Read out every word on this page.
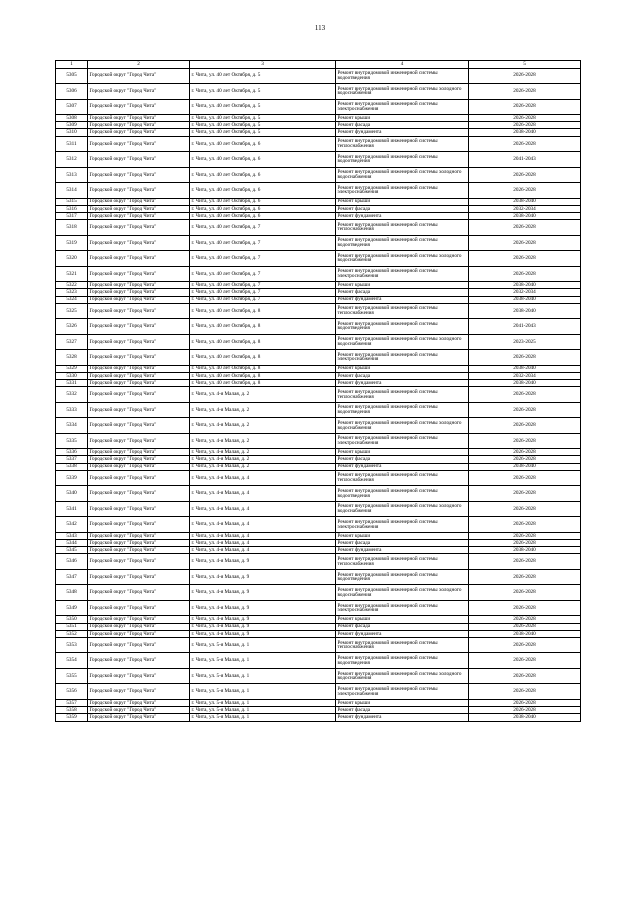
113
1	2	3	4	5
5305	Городской округ "Город Чита"	г. Чита, ул. 40 лет Октября, д. 5	Ремонт внутридомовой инженерной системы водоотведения	2026-2028
5306	Городской округ "Город Чита"	г. Чита, ул. 40 лет Октября, д. 5	Ремонт внутридомовой инженерной системы холодного водоснабжения	2026-2028
5307	Городской округ "Город Чита"	г. Чита, ул. 40 лет Октября, д. 5	Ремонт внутридомовой инженерной системы электроснабжения	2026-2028
5308	Городской округ "Город Чита"	г. Чита, ул. 40 лет Октября, д. 5	Ремонт крыши	2026-2028
5309	Городской округ "Город Чита"	г. Чита, ул. 40 лет Октября, д. 5	Ремонт фасада	2026-2028
5310	Городской округ "Город Чита"	г. Чита, ул. 40 лет Октября, д. 5	Ремонт фундамента	2038-2040
5311	Городской округ "Город Чита"	г. Чита, ул. 40 лет Октября, д. 6	Ремонт внутридомовой инженерной системы теплоснабжения	2026-2028
5312	Городской округ "Город Чита"	г. Чита, ул. 40 лет Октября, д. 6	Ремонт внутридомовой инженерной системы водоотведения	2041-2043
5313	Городской округ "Город Чита"	г. Чита, ул. 40 лет Октября, д. 6	Ремонт внутридомовой инженерной системы холодного водоснабжения	2026-2028
5314	Городской округ "Город Чита"	г. Чита, ул. 40 лет Октября, д. 6	Ремонт внутридомовой инженерной системы электроснабжения	2026-2028
5315	Городской округ "Город Чита"	г. Чита, ул. 40 лет Октября, д. 6	Ремонт крыши	2038-2040
5316	Городской округ "Город Чита"	г. Чита, ул. 40 лет Октября, д. 6	Ремонт фасада	2032-2034
5317	Городской округ "Город Чита"	г. Чита, ул. 40 лет Октября, д. 6	Ремонт фундамента	2038-2040
5318	Городской округ "Город Чита"	г. Чита, ул. 40 лет Октября, д. 7	Ремонт внутридомовой инженерной системы теплоснабжения	2026-2028
5319	Городской округ "Город Чита"	г. Чита, ул. 40 лет Октября, д. 7	Ремонт внутридомовой инженерной системы водоотведения	2026-2028
5320	Городской округ "Город Чита"	г. Чита, ул. 40 лет Октября, д. 7	Ремонт внутридомовой инженерной системы холодного водоснабжения	2026-2028
5321	Городской округ "Город Чита"	г. Чита, ул. 40 лет Октября, д. 7	Ремонт внутридомовой инженерной системы электроснабжения	2026-2028
5322	Городской округ "Город Чита"	г. Чита, ул. 40 лет Октября, д. 7	Ремонт крыши	2038-2040
5323	Городской округ "Город Чита"	г. Чита, ул. 40 лет Октября, д. 7	Ремонт фасада	2032-2034
5324	Городской округ "Город Чита"	г. Чита, ул. 40 лет Октября, д. 7	Ремонт фундамента	2038-2040
5325	Городской округ "Город Чита"	г. Чита, ул. 40 лет Октября, д. 8	Ремонт внутридомовой инженерной системы теплоснабжения	2038-2040
5326	Городской округ "Город Чита"	г. Чита, ул. 40 лет Октября, д. 8	Ремонт внутридомовой инженерной системы водоотведения	2041-2043
5327	Городской округ "Город Чита"	г. Чита, ул. 40 лет Октября, д. 8	Ремонт внутридомовой инженерной системы холодного водоснабжения	2023-2025
5328	Городской округ "Город Чита"	г. Чита, ул. 40 лет Октября, д. 8	Ремонт внутридомовой инженерной системы электроснабжения	2026-2028
5329	Городской округ "Город Чита"	г. Чита, ул. 40 лет Октября, д. 8	Ремонт крыши	2038-2040
5330	Городской округ "Город Чита"	г. Чита, ул. 40 лет Октября, д. 8	Ремонт фасада	2032-2034
5331	Городской округ "Город Чита"	г. Чита, ул. 40 лет Октября, д. 8	Ремонт фундамента	2038-2040
5332	Городской округ "Город Чита"	г. Чита, ул. 4-я Малая, д. 2	Ремонт внутридомовой инженерной системы теплоснабжения	2026-2028
5333	Городской округ "Город Чита"	г. Чита, ул. 4-я Малая, д. 2	Ремонт внутридомовой инженерной системы водоотведения	2026-2028
5334	Городской округ "Город Чита"	г. Чита, ул. 4-я Малая, д. 2	Ремонт внутридомовой инженерной системы холодного водоснабжения	2026-2028
5335	Городской округ "Город Чита"	г. Чита, ул. 4-я Малая, д. 2	Ремонт внутридомовой инженерной системы электроснабжения	2026-2028
5336	Городской округ "Город Чита"	г. Чита, ул. 4-я Малая, д. 2	Ремонт крыши	2026-2028
5337	Городской округ "Город Чита"	г. Чита, ул. 4-я Малая, д. 2	Ремонт фасада	2026-2028
5338	Городской округ "Город Чита"	г. Чита, ул. 4-я Малая, д. 2	Ремонт фундамента	2038-2040
5339	Городской округ "Город Чита"	г. Чита, ул. 4-я Малая, д. 4	Ремонт внутридомовой инженерной системы теплоснабжения	2026-2028
5340	Городской округ "Город Чита"	г. Чита, ул. 4-я Малая, д. 4	Ремонт внутридомовой инженерной системы водоотведения	2026-2028
5341	Городской округ "Город Чита"	г. Чита, ул. 4-я Малая, д. 4	Ремонт внутридомовой инженерной системы холодного водоснабжения	2026-2028
5342	Городской округ "Город Чита"	г. Чита, ул. 4-я Малая, д. 4	Ремонт внутридомовой инженерной системы электроснабжения	2026-2028
5343	Городской округ "Город Чита"	г. Чита, ул. 4-я Малая, д. 4	Ремонт крыши	2026-2028
5344	Городской округ "Город Чита"	г. Чита, ул. 4-я Малая, д. 4	Ремонт фасада	2026-2028
5345	Городской округ "Город Чита"	г. Чита, ул. 4-я Малая, д. 4	Ремонт фундамента	2038-2040
5346	Городской округ "Город Чита"	г. Чита, ул. 4-я Малая, д. 9	Ремонт внутридомовой инженерной системы теплоснабжения	2026-2028
5347	Городской округ "Город Чита"	г. Чита, ул. 4-я Малая, д. 9	Ремонт внутридомовой инженерной системы водоотведения	2026-2028
5348	Городской округ "Город Чита"	г. Чита, ул. 4-я Малая, д. 9	Ремонт внутридомовой инженерной системы холодного водоснабжения	2026-2028
5349	Городской округ "Город Чита"	г. Чита, ул. 4-я Малая, д. 9	Ремонт внутридомовой инженерной системы электроснабжения	2026-2028
5350	Городской округ "Город Чита"	г. Чита, ул. 4-я Малая, д. 9	Ремонт крыши	2026-2028
5351	Городской округ "Город Чита"	г. Чита, ул. 4-я Малая, д. 9	Ремонт фасада	2026-2028
5352	Городской округ "Город Чита"	г. Чита, ул. 4-я Малая, д. 9	Ремонт фундамента	2038-2040
5353	Городской округ "Город Чита"	г. Чита, ул. 5-я Малая, д. 1	Ремонт внутридомовой инженерной системы теплоснабжения	2026-2028
5354	Городской округ "Город Чита"	г. Чита, ул. 5-я Малая, д. 1	Ремонт внутридомовой инженерной системы водоотведения	2026-2028
5355	Городской округ "Город Чита"	г. Чита, ул. 5-я Малая, д. 1	Ремонт внутридомовой инженерной системы холодного водоснабжения	2026-2028
5356	Городской округ "Город Чита"	г. Чита, ул. 5-я Малая, д. 1	Ремонт внутридомовой инженерной системы электроснабжения	2026-2028
5357	Городской округ "Город Чита"	г. Чита, ул. 5-я Малая, д. 1	Ремонт крыши	2026-2028
5358	Городской округ "Город Чита"	г. Чита, ул. 5-я Малая, д. 1	Ремонт фасада	2026-2028
5359	Городской округ "Город Чита"	г. Чита, ул. 5-я Малая, д. 1	Ремонт фундамента	2038-2040
